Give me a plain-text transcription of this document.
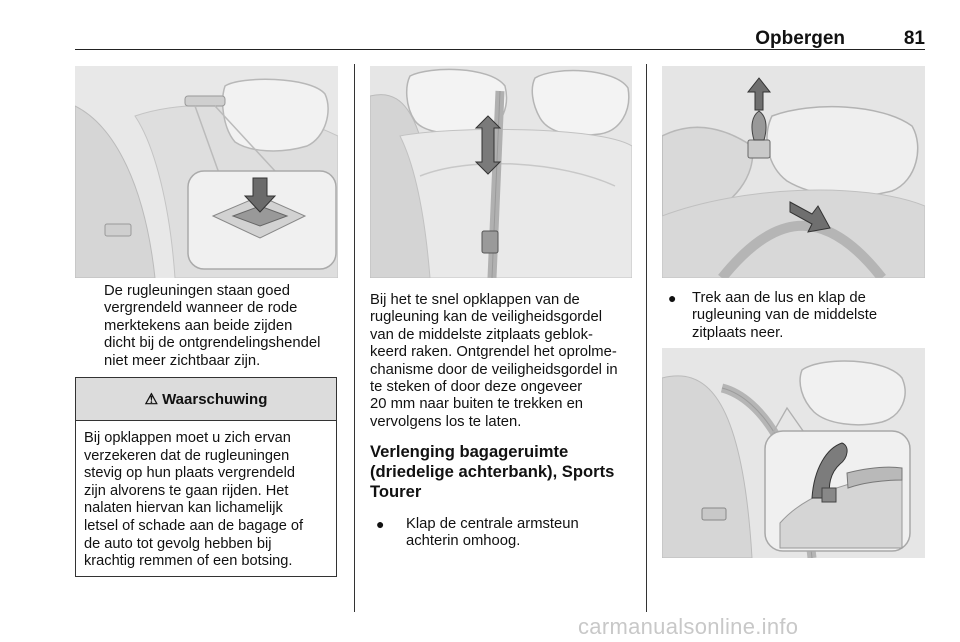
Opbergen	81

De rugleuningen staan goed

vergrendeld wanneer de rode

merktekens aan beide zijden

dicht bij de ontgrendelingshendel

niet meer zichtbaar zijn.

⚠ Waarschuwing

Bij opklappen moet u zich ervan

verzekeren dat de rugleuningen

stevig op hun plaats vergrendeld

zijn alvorens te gaan rijden. Het

nalaten hiervan kan lichamelijk

letsel of schade aan de bagage of

de auto tot gevolg hebben bij

krachtig remmen of een botsing.

Bij het te snel opklappen van de

rugleuning kan de veiligheidsgordel

van de middelste zitplaats geblok-

keerd raken. Ontgrendel het oprolme-

chanisme door de veiligheidsgordel in

te steken of door deze ongeveer

20 mm naar buiten te trekken en

vervolgens los te laten.

Verlenging bagageruimte

(driedelige achterbank), Sports

Tourer

● Klap de centrale armsteun

achterin omhoog.

● Trek aan de lus en klap de

rugleuning van de middelste

zitplaats neer.

carmanualsonline.info
